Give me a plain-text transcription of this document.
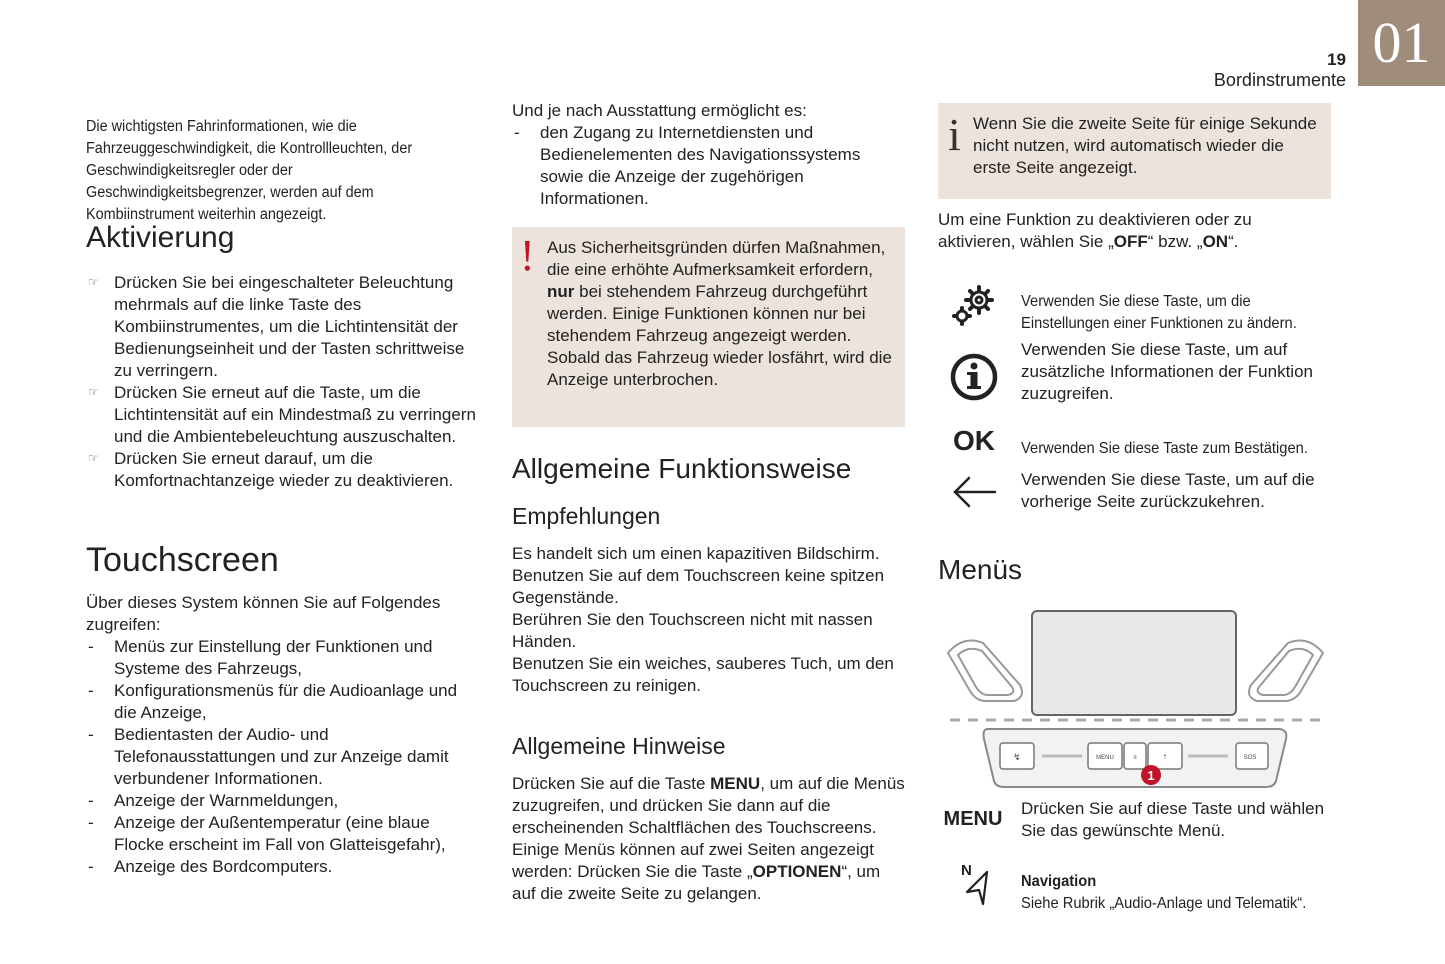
01
19
Bordinstrumente

Die wichtigsten Fahrinformationen, wie die Fahrzeuggeschwindigkeit, die Kontrollleuchten, der Geschwindigkeitsregler oder der Geschwindigkeitsbegrenzer, werden auf dem Kombiinstrument weiterhin angezeigt.

Aktivierung
☞ Drücken Sie bei eingeschalteter Beleuchtung mehrmals auf die linke Taste des Kombiinstrumentes, um die Lichtintensität der Bedienungseinheit und der Tasten schrittweise zu verringern.
☞ Drücken Sie erneut auf die Taste, um die Lichtintensität auf ein Mindestmaß zu verringern und die Ambientebeleuchtung auszuschalten.
☞ Drücken Sie erneut darauf, um die Komfortnachtanzeige wieder zu deaktivieren.
Touchscreen

Über dieses System können Sie auf Folgendes zugreifen:

- Menüs zur Einstellung der Funktionen und Systeme des Fahrzeugs,
- Konfigurationsmenüs für die Audioanlage und die Anzeige,
- Bedientasten der Audio- und Telefonausstattungen und zur Anzeige damit verbundener Informationen.
- Anzeige der Warnmeldungen,
- Anzeige der Außentemperatur (eine blaue Flocke erscheint im Fall von Glatteisgefahr),
- Anzeige des Bordcomputers.

Und je nach Ausstattung ermöglicht es:

- den Zugang zu Internetdiensten und Bedienelementen des Navigationssystems sowie die Anzeige der zugehörigen Informationen.
! Aus Sicherheitsgründen dürfen Maßnahmen, die eine erhöhte Aufmerksamkeit erfordern, nur bei stehendem Fahrzeug durchgeführt werden. Einige Funktionen können nur bei stehendem Fahrzeug angezeigt werden. Sobald das Fahrzeug wieder losfährt, wird die Anzeige unterbrochen.

Allgemeine Funktionsweise
Empfehlungen

Es handelt sich um einen kapazitiven Bildschirm.

Benutzen Sie auf dem Touchscreen keine spitzen Gegenstände.

Berühren Sie den Touchscreen nicht mit nassen Händen.

Benutzen Sie ein weiches, sauberes Tuch, um den Touchscreen zu reinigen.

Allgemeine Hinweise

Drücken Sie auf die Taste MENU, um auf die Menüs zuzugreifen, und drücken Sie dann auf die erscheinenden Schaltflächen des Touchscreens. Einige Menüs können auf zwei Seiten angezeigt werden: Drücken Sie die Taste „OPTIONEN“, um auf die zweite Seite zu gelangen.

i Wenn Sie die zweite Seite für einige Sekunde nicht nutzen, wird automatisch wieder die erste Seite angezeigt.

Um eine Funktion zu deaktivieren oder zu aktivieren, wählen Sie „OFF“ bzw. „ON“.

Verwenden Sie diese Taste, um die Einstellungen einer Funktionen zu ändern.

Verwenden Sie diese Taste, um auf zusätzliche Informationen der Funktion zuzugreifen.

OK	Verwenden Sie diese Taste zum Bestätigen.

Verwenden Sie diese Taste, um auf die vorherige Seite zurückzukehren.

Menüs
↯	MENU	≡	⇡	SOS
1
MENU	Drücken Sie auf diese Taste und wählen Sie das gewünschte Menü.

N

Navigation

Siehe Rubrik „Audio-Anlage und Telematik“.
